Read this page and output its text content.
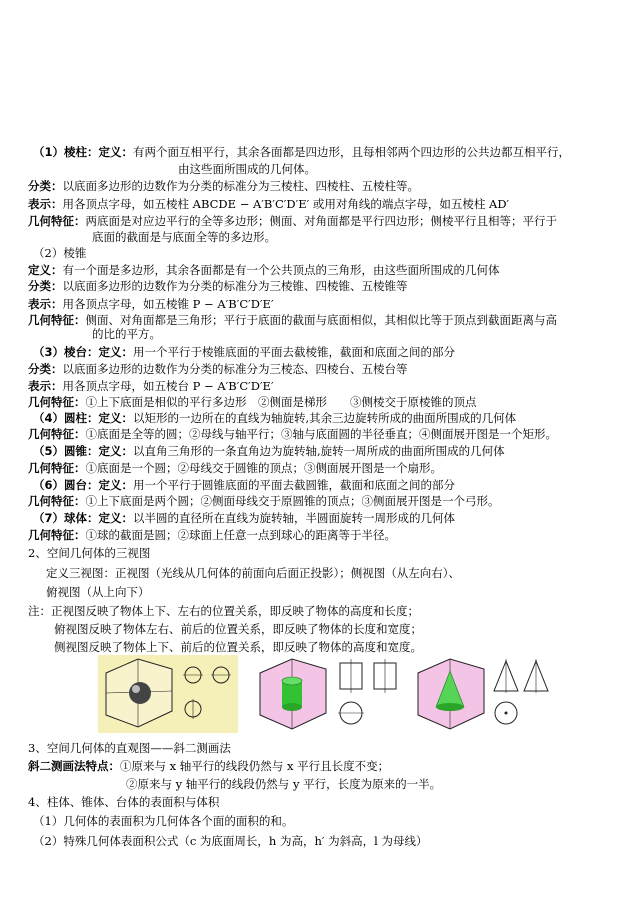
（1）棱柱：定义：有两个面互相平行，其余各面都是四边形，且每相邻两个四边形的公共边都互相平行，
由这些面所围成的几何体。
分类：以底面多边形的边数作为分类的标准分为三棱柱、四棱柱、五棱柱等。
表示：用各顶点字母，如五棱柱 ABCDE − A′B′C′D′E′ 或用对角线的端点字母，如五棱柱 AD′
几何特征：两底面是对应边平行的全等多边形；侧面、对角面都是平行四边形；侧棱平行且相等；平行于
底面的截面是与底面全等的多边形。
（2）棱锥
定义：有一个面是多边形，其余各面都是有一个公共顶点的三角形，由这些面所围成的几何体
分类：以底面多边形的边数作为分类的标准分为三棱锥、四棱锥、五棱锥等
表示：用各顶点字母，如五棱锥 P − A′B′C′D′E′
几何特征：侧面、对角面都是三角形；平行于底面的截面与底面相似，其相似比等于顶点到截面距离与高
的比的平方。
（3）棱台：定义：用一个平行于棱锥底面的平面去截棱锥，截面和底面之间的部分
分类：以底面多边形的边数作为分类的标准分为三棱态、四棱台、五棱台等
表示：用各顶点字母，如五棱台 P − A′B′C′D′E′
几何特征：①上下底面是相似的平行多边形　②侧面是梯形　　③侧棱交于原棱锥的顶点
（4）圆柱：定义：以矩形的一边所在的直线为轴旋转,其余三边旋转所成的曲面所围成的几何体
几何特征：①底面是全等的圆；②母线与轴平行；③轴与底面圆的半径垂直；④侧面展开图是一个矩形。
（5）圆锥：定义：以直角三角形的一条直角边为旋转轴,旋转一周所成的曲面所围成的几何体
几何特征：①底面是一个圆；②母线交于圆锥的顶点；③侧面展开图是一个扇形。
（6）圆台：定义：用一个平行于圆锥底面的平面去截圆锥，截面和底面之间的部分
几何特征：①上下底面是两个圆；②侧面母线交于原圆锥的顶点；③侧面展开图是一个弓形。
（7）球体：定义：以半圆的直径所在直线为旋转轴，半圆面旋转一周形成的几何体
几何特征：①球的截面是圆；②球面上任意一点到球心的距离等于半径。
2、空间几何体的三视图
定义三视图：正视图（光线从几何体的前面向后面正投影）；侧视图（从左向右）、
俯视图（从上向下）
注：正视图反映了物体上下、左右的位置关系，即反映了物体的高度和长度；
俯视图反映了物体左右、前后的位置关系，即反映了物体的长度和宽度；
侧视图反映了物体上下、前后的位置关系，即反映了物体的高度和宽度。
3、空间几何体的直观图——斜二测画法
斜二测画法特点：①原来与 x 轴平行的线段仍然与 x 平行且长度不变；
②原来与 y 轴平行的线段仍然与 y 平行，长度为原来的一半。
4、柱体、锥体、台体的表面积与体积
（1）几何体的表面积为几何体各个面的面积的和。
（2）特殊几何体表面积公式（c 为底面周长，h 为高，h′ 为斜高，l 为母线）
